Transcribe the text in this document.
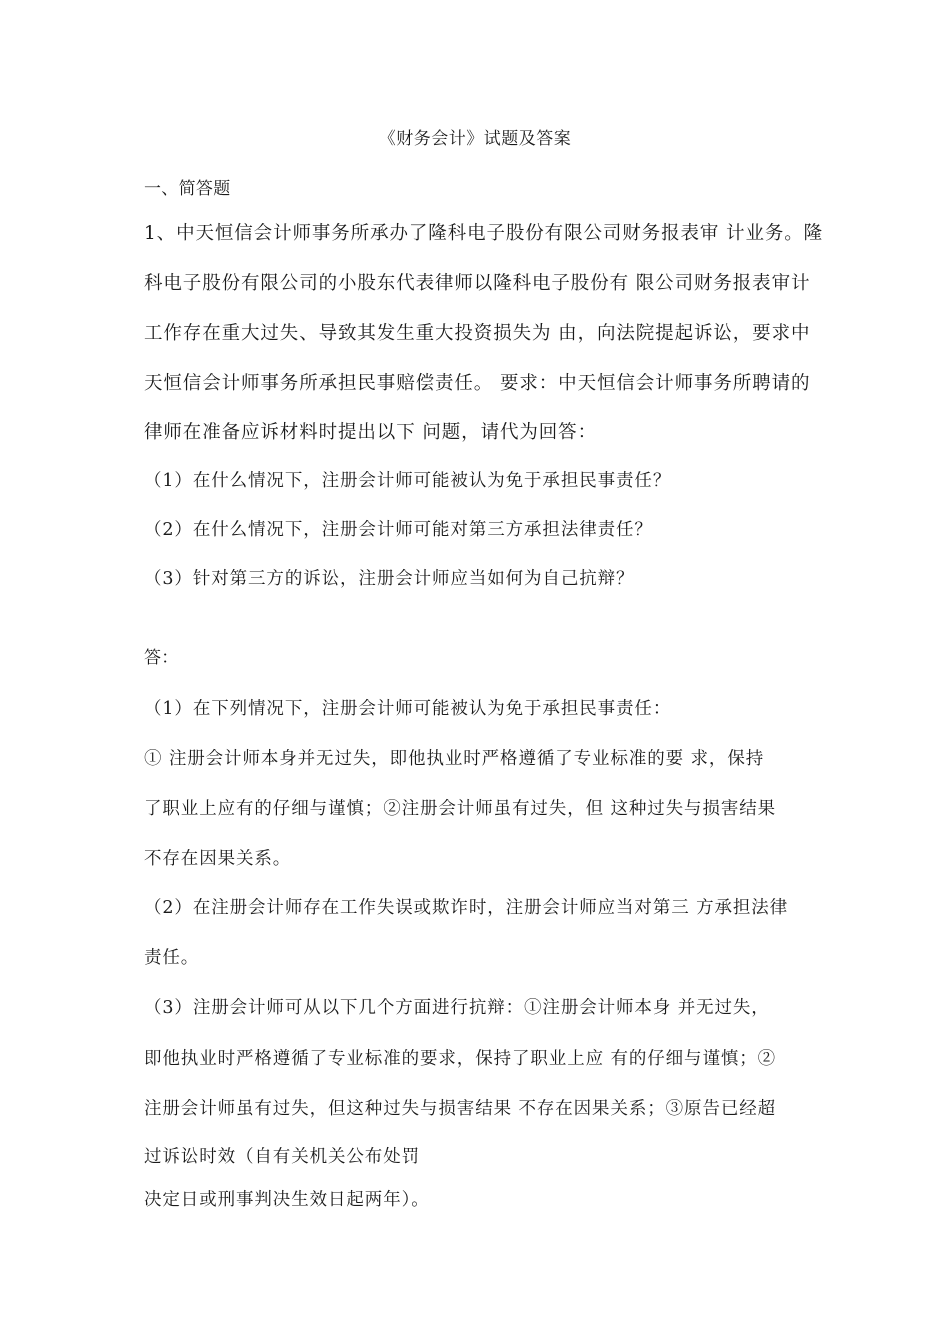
《财务会计》试题及答案
一、简答题
1、中天恒信会计师事务所承办了隆科电子股份有限公司财务报表审 计业务。隆
科电子股份有限公司的小股东代表律师以隆科电子股份有 限公司财务报表审计
工作存在重大过失、导致其发生重大投资损失为 由，向法院提起诉讼，要求中
天恒信会计师事务所承担民事赔偿责任。 要求：中天恒信会计师事务所聘请的
律师在准备应诉材料时提出以下 问题，请代为回答：
（1）在什么情况下，注册会计师可能被认为免于承担民事责任？
（2）在什么情况下，注册会计师可能对第三方承担法律责任？
（3）针对第三方的诉讼，注册会计师应当如何为自己抗辩？
答：
（1）在下列情况下，注册会计师可能被认为免于承担民事责任：
① 注册会计师本身并无过失，即他执业时严格遵循了专业标准的要 求，保持
了职业上应有的仔细与谨慎；②注册会计师虽有过失，但 这种过失与损害结果
不存在因果关系。
（2）在注册会计师存在工作失误或欺诈时，注册会计师应当对第三 方承担法律
责任。
（3）注册会计师可从以下几个方面进行抗辩：①注册会计师本身 并无过失，
即他执业时严格遵循了专业标准的要求，保持了职业上应 有的仔细与谨慎；②
注册会计师虽有过失，但这种过失与损害结果 不存在因果关系；③原告已经超
过诉讼时效（自有关机关公布处罚
决定日或刑事判决生效日起两年）。
